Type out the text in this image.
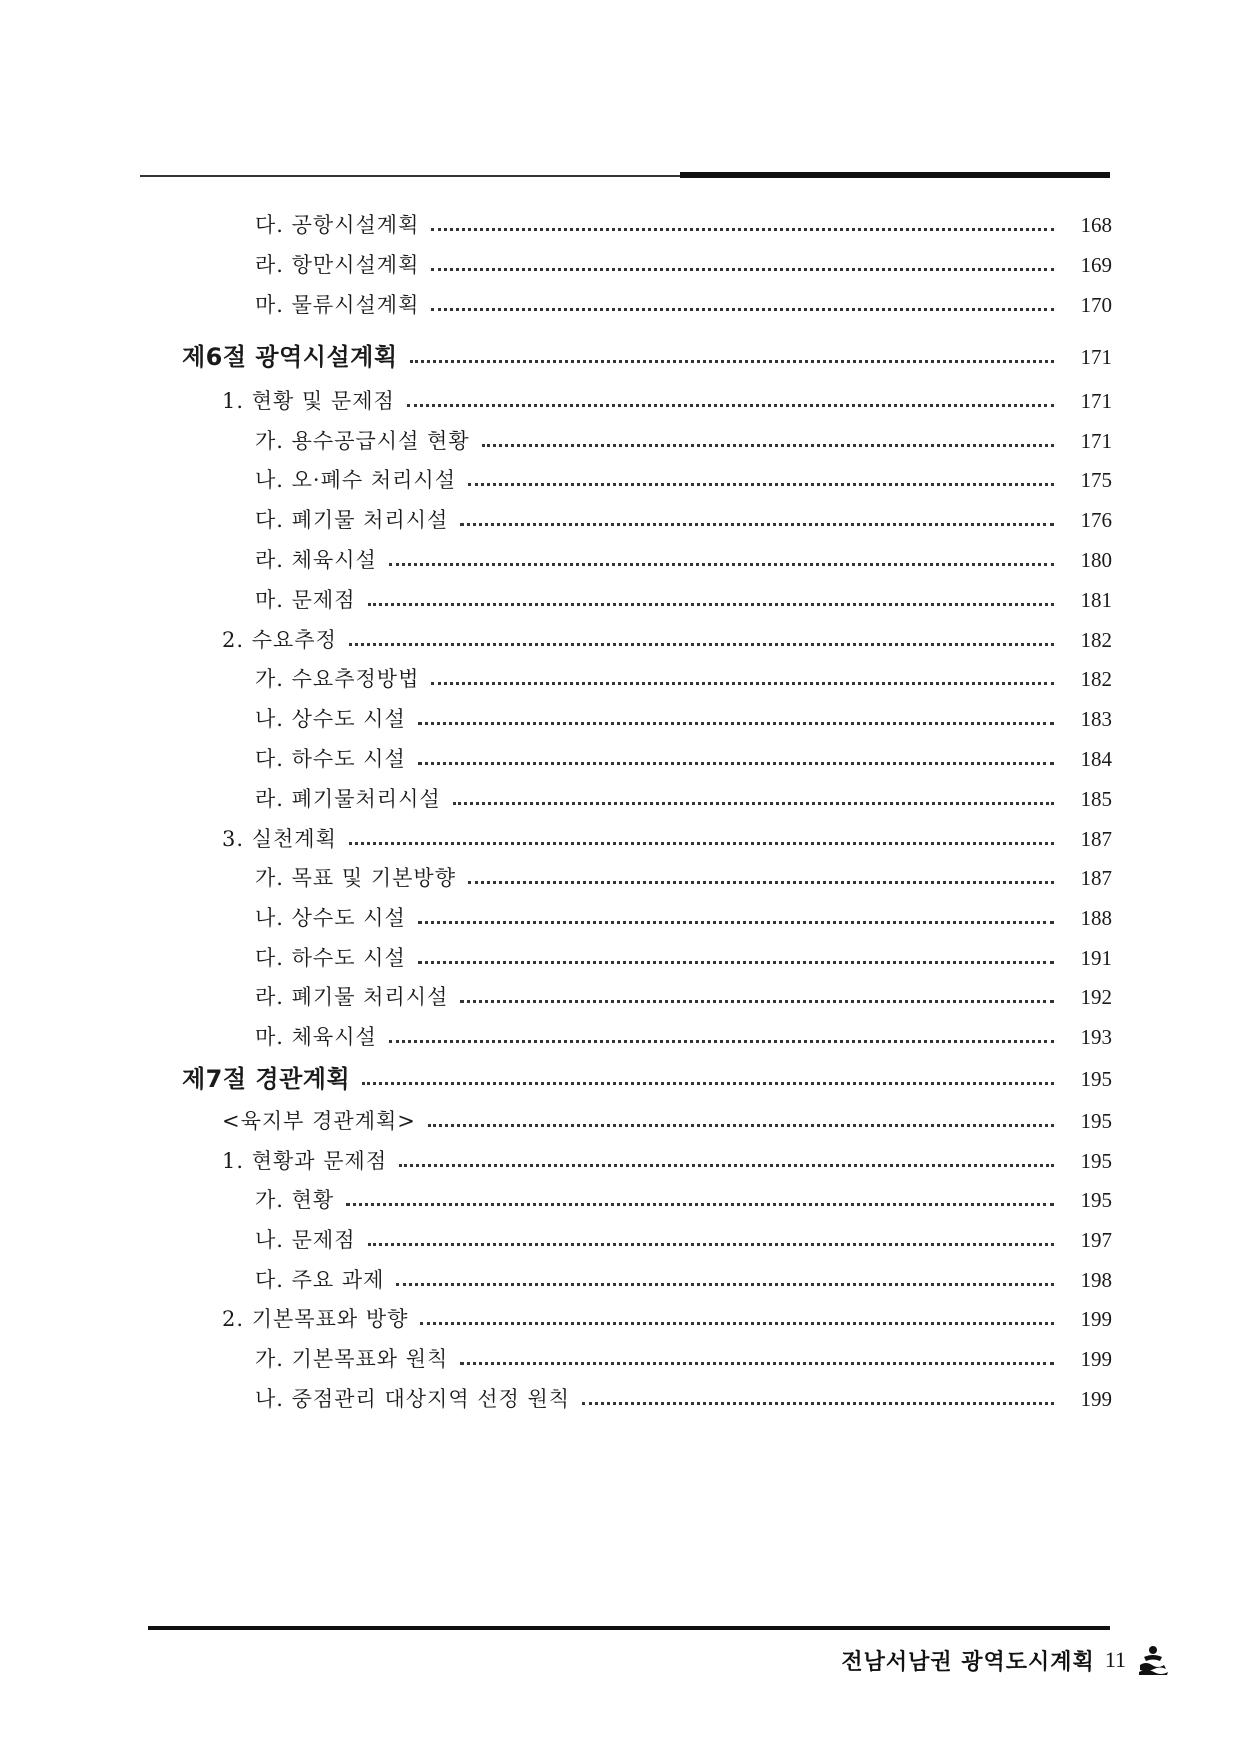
다. 공항시설계획	168
라. 항만시설계획	169
마. 물류시설계획	170
제6절 광역시설계획	171
1. 현황 및 문제점	171
가. 용수공급시설 현황	171
나. 오·폐수 처리시설	175
다. 폐기물 처리시설	176
라. 체육시설	180
마. 문제점	181
2. 수요추정	182
가. 수요추정방법	182
나. 상수도 시설	183
다. 하수도 시설	184
라. 폐기물처리시설	185
3. 실천계획	187
가. 목표 및 기본방향	187
나. 상수도 시설	188
다. 하수도 시설	191
라. 폐기물 처리시설	192
마. 체육시설	193
제7절 경관계획	195
<육지부 경관계획>	195
1. 현황과 문제점	195
가. 현황	195
나. 문제점	197
다. 주요 과제	198
2. 기본목표와 방향	199
가. 기본목표와 원칙	199
나. 중점관리 대상지역 선정 원칙	199
전남서남권 광역도시계획 11
